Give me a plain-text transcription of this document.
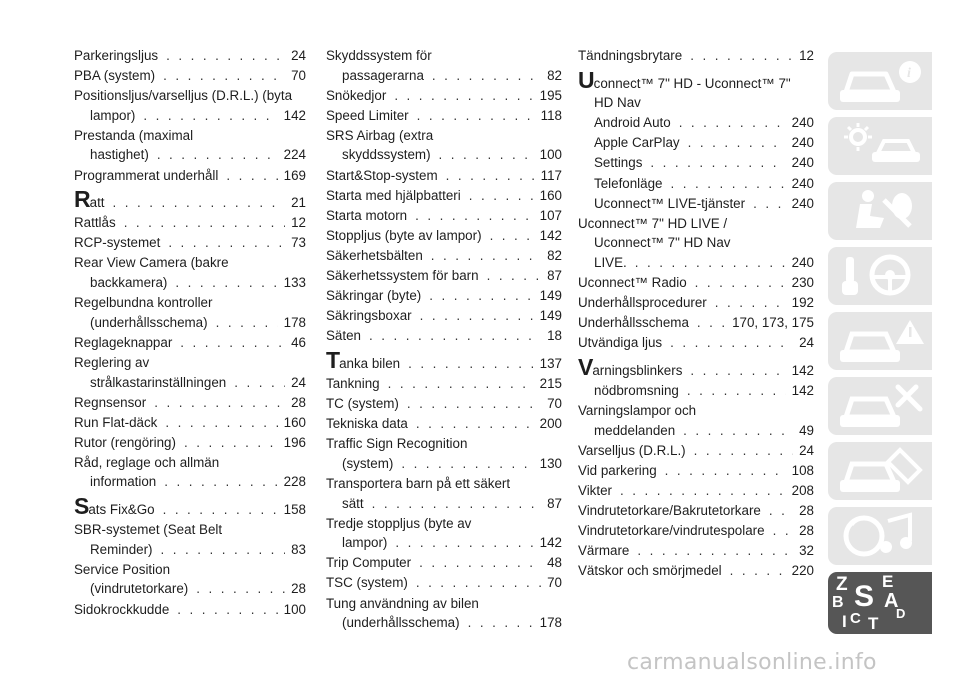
Parkeringsljus . . .	24
PBA (system) . . .	70
Positionsljus/varselljus (D.R.L.) (byta
lampor) . . .	142
Prestanda (maximal
hastighet) . . .	224
Programmerat underhåll . . .	169
R att . . .	21
Rattlås . . .	12
RCP-systemet . . .	73
Rear View Camera (bakre
backkamera) . . .	133
Regelbundna kontroller
(underhållsschema) . . .	178
Reglageknappar . . .	46
Reglering av
strålkastarinställningen . . .	24
Regnsensor . . .	28
Run Flat-däck . . .	160
Rutor (rengöring) . . .	196
Råd, reglage och allmän
information . . .	228
S ats Fix&Go . . .	158
SBR-systemet (Seat Belt
Reminder) . . .	83
Service Position
(vindrutetorkare) . . .	28
Sidokrockkudde . . .	100
Skyddssystem för
passagerarna . . .	82
Snökedjor . . .	195
Speed Limiter . . .	118
SRS Airbag (extra
skyddssystem) . . .	100
Start&Stop-system . . .	117
Starta med hjälpbatteri . . .	160
Starta motorn . . .	107
Stoppljus (byte av lampor) . . .	142
Säkerhetsbälten . . .	82
Säkerhetssystem för barn . . .	87
Säkringar (byte) . . .	149
Säkringsboxar . . .	149
Säten . . .	18
T anka bilen . . .	137
Tankning . . .	215
TC (system) . . .	70
Tekniska data . . .	200
Traffic Sign Recognition
(system) . . .	130
Transportera barn på ett säkert
sätt . . .	87
Tredje stoppljus (byte av
lampor) . . .	142
Trip Computer . . .	48
TSC (system) . . .	70
Tung användning av bilen
(underhållsschema) . . .	178
Tändningsbrytare . . .	12
U connect™ 7" HD - Uconnect™ 7"
HD Nav
Android Auto . . .	240
Apple CarPlay . . .	240
Settings . . .	240
Telefonläge . . .	240
Uconnect™ LIVE-tjänster . . .	240
Uconnect™ 7" HD LIVE /
Uconnect™ 7" HD Nav
LIVE. . . .	240
Uconnect™ Radio . . .	230
Underhållsprocedurer . . .	192
Underhållsschema . . .	170, 173, 175
Utvändiga ljus . . .	24
V arningsblinkers . . .	142
nödbromsning . . .	142
Varningslampor och
meddelanden . . .	49
Varselljus (D.R.L.) . . .	24
Vid parkering . . .	108
Vikter . . .	208
Vindrutetorkare/Bakrutetorkare . . .	28
Vindrutetorkare/vindrutespolare . . .	28
Värmare . . .	32
Vätskor och smörjmedel . . .	220
i
Z E
S
B A
C	D
T
I
carmanualsonline.info
